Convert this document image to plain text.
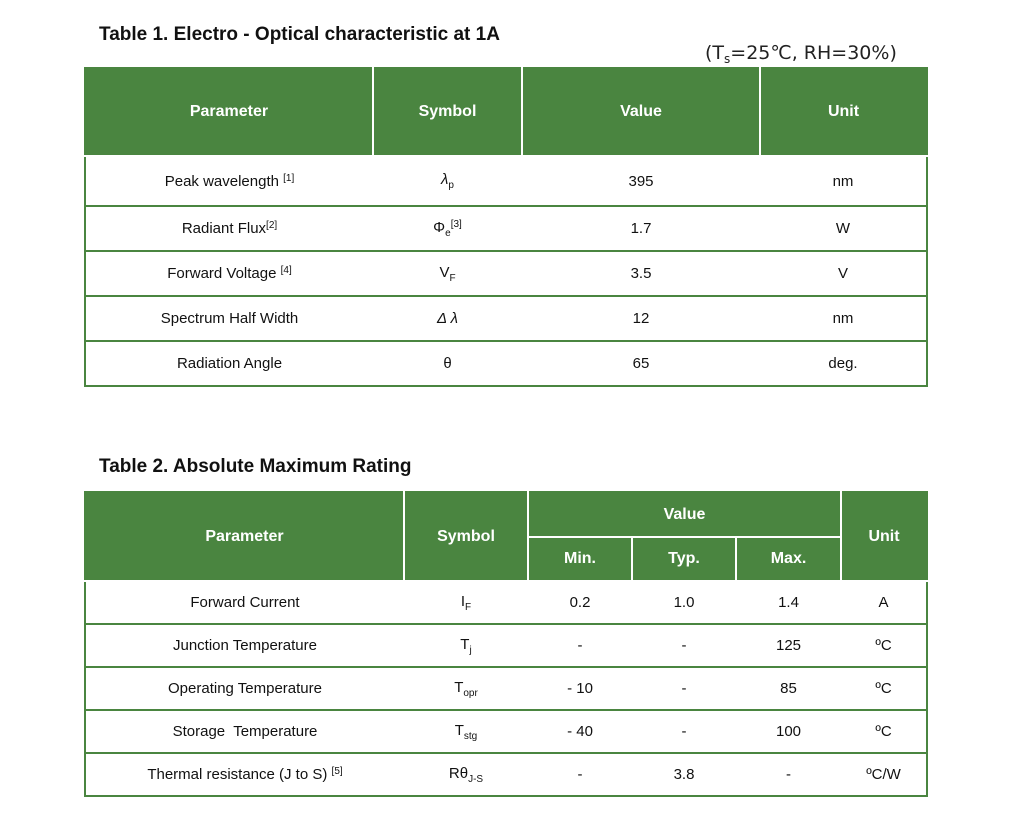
Table 1. Electro - Optical characteristic at 1A
($T_s=25℃$, RH=30%)
Parameter	Symbol	Value	Unit
Peak wavelength [1]	$\lambda_p$	395	nm
Radiant Flux[2]	$\Phi_e[3]$	1.7	W
Forward Voltage [4]	$V_F$	3.5	V
Spectrum Half Width	Δ λ	12	nm
Radiation Angle	θ	65	deg.
Table 2. Absolute Maximum Rating
Parameter	Symbol	Value			Unit
		Min.	Typ.	Max.	
Forward Current	$I_F$	0.2	1.0	1.4	A
Junction Temperature	$T_j$	-	-	125	ºC
Operating Temperature	$T_{opr}$	- 10	-	85	ºC
Storage  Temperature	$T_{stg}$	- 40	-	100	ºC
Thermal resistance (J to S) [5]	$R\theta_{J-S}$	-	3.8	-	ºC/W
